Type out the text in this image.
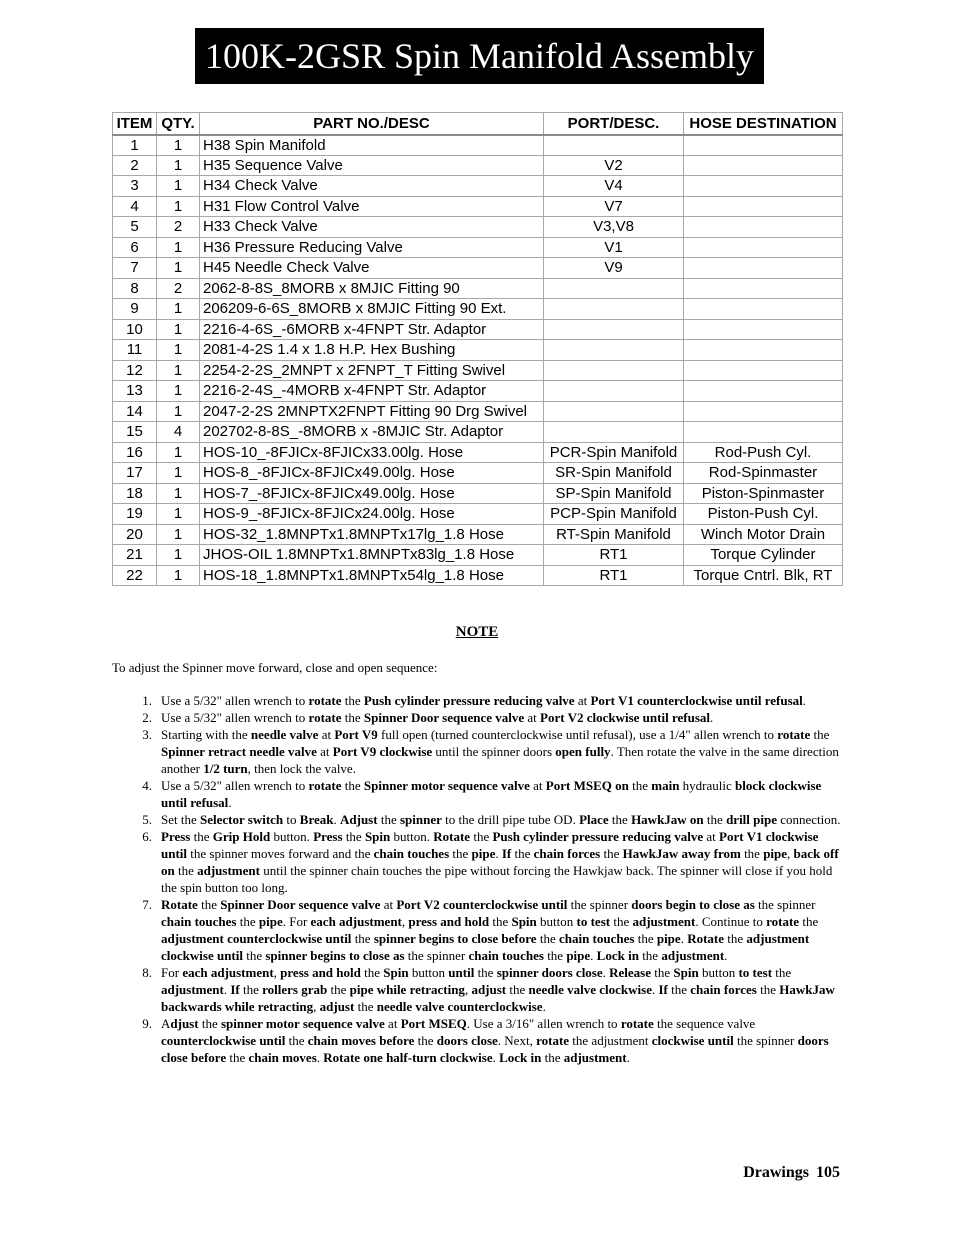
100K-2GSR Spin Manifold Assembly
ITEM	QTY.	PART NO./DESC	PORT/DESC.	HOSE DESTINATION
1	1	H38 Spin Manifold		
2	1	H35 Sequence Valve	V2	
3	1	H34 Check Valve	V4	
4	1	H31 Flow Control Valve	V7	
5	2	H33 Check Valve	V3,V8	
6	1	H36 Pressure Reducing Valve	V1	
7	1	H45 Needle Check Valve	V9	
8	2	2062-8-8S_8MORB x 8MJIC Fitting 90		
9	1	206209-6-6S_8MORB x 8MJIC Fitting 90 Ext.		
10	1	2216-4-6S_-6MORB x-4FNPT Str. Adaptor		
11	1	2081-4-2S 1.4 x 1.8 H.P. Hex Bushing		
12	1	2254-2-2S_2MNPT x 2FNPT_T Fitting Swivel		
13	1	2216-2-4S_-4MORB x-4FNPT Str. Adaptor		
14	1	2047-2-2S 2MNPTX2FNPT Fitting 90 Drg Swivel		
15	4	202702-8-8S_-8MORB x -8MJIC Str. Adaptor		
16	1	HOS-10_-8FJICx-8FJICx33.00lg. Hose	PCR-Spin Manifold	Rod-Push Cyl.
17	1	HOS-8_-8FJICx-8FJICx49.00lg. Hose	SR-Spin Manifold	Rod-Spinmaster
18	1	HOS-7_-8FJICx-8FJICx49.00lg. Hose	SP-Spin Manifold	Piston-Spinmaster
19	1	HOS-9_-8FJICx-8FJICx24.00lg. Hose	PCP-Spin Manifold	Piston-Push Cyl.
20	1	HOS-32_1.8MNPTx1.8MNPTx17lg_1.8 Hose	RT-Spin Manifold	Winch Motor Drain
21	1	JHOS-OIL 1.8MNPTx1.8MNPTx83lg_1.8 Hose	RT1	Torque Cylinder
22	1	HOS-18_1.8MNPTx1.8MNPTx54lg_1.8 Hose	RT1	Torque Cntrl. Blk, RT
NOTE
To adjust the Spinner move forward, close and open sequence:
1. Use a 5/32" allen wrench to rotate the Push cylinder pressure reducing valve at Port V1 counterclockwise until refusal.
2. Use a 5/32" allen wrench to rotate the Spinner Door sequence valve at Port V2 clockwise until refusal.
3. Starting with the needle valve at Port V9 full open (turned counterclockwise until refusal), use a 1/4" allen wrench to rotate the Spinner retract needle valve at Port V9 clockwise until the spinner doors open fully. Then rotate the valve in the same direction another 1/2 turn, then lock the valve.
4. Use a 5/32" allen wrench to rotate the Spinner motor sequence valve at Port MSEQ on the main hydraulic block clockwise until refusal.
5. Set the Selector switch to Break. Adjust the spinner to the drill pipe tube OD. Place the HawkJaw on the drill pipe connection.
6. Press the Grip Hold button. Press the Spin button. Rotate the Push cylinder pressure reducing valve at Port V1 clockwise until the spinner moves forward and the chain touches the pipe. If the chain forces the HawkJaw away from the pipe, back off on the adjustment until the spinner chain touches the pipe without forcing the Hawkjaw back. The spinner will close if you hold the spin button too long.
7. Rotate the Spinner Door sequence valve at Port V2 counterclockwise until the spinner doors begin to close as the spinner chain touches the pipe. For each adjustment, press and hold the Spin button to test the adjustment. Continue to rotate the adjustment counterclockwise until the spinner begins to close before the chain touches the pipe. Rotate the adjustment clockwise until the spinner begins to close as the spinner chain touches the pipe. Lock in the adjustment.
8. For each adjustment, press and hold the Spin button until the spinner doors close. Release the Spin button to test the adjustment. If the rollers grab the pipe while retracting, adjust the needle valve clockwise. If the chain forces the HawkJaw backwards while retracting, adjust the needle valve counterclockwise.
9. Adjust the spinner motor sequence valve at Port MSEQ. Use a 3/16" allen wrench to rotate the sequence valve counterclockwise until the chain moves before the doors close. Next, rotate the adjustment clockwise until the spinner doors close before the chain moves. Rotate one half-turn clockwise. Lock in the adjustment.
Drawings 105
